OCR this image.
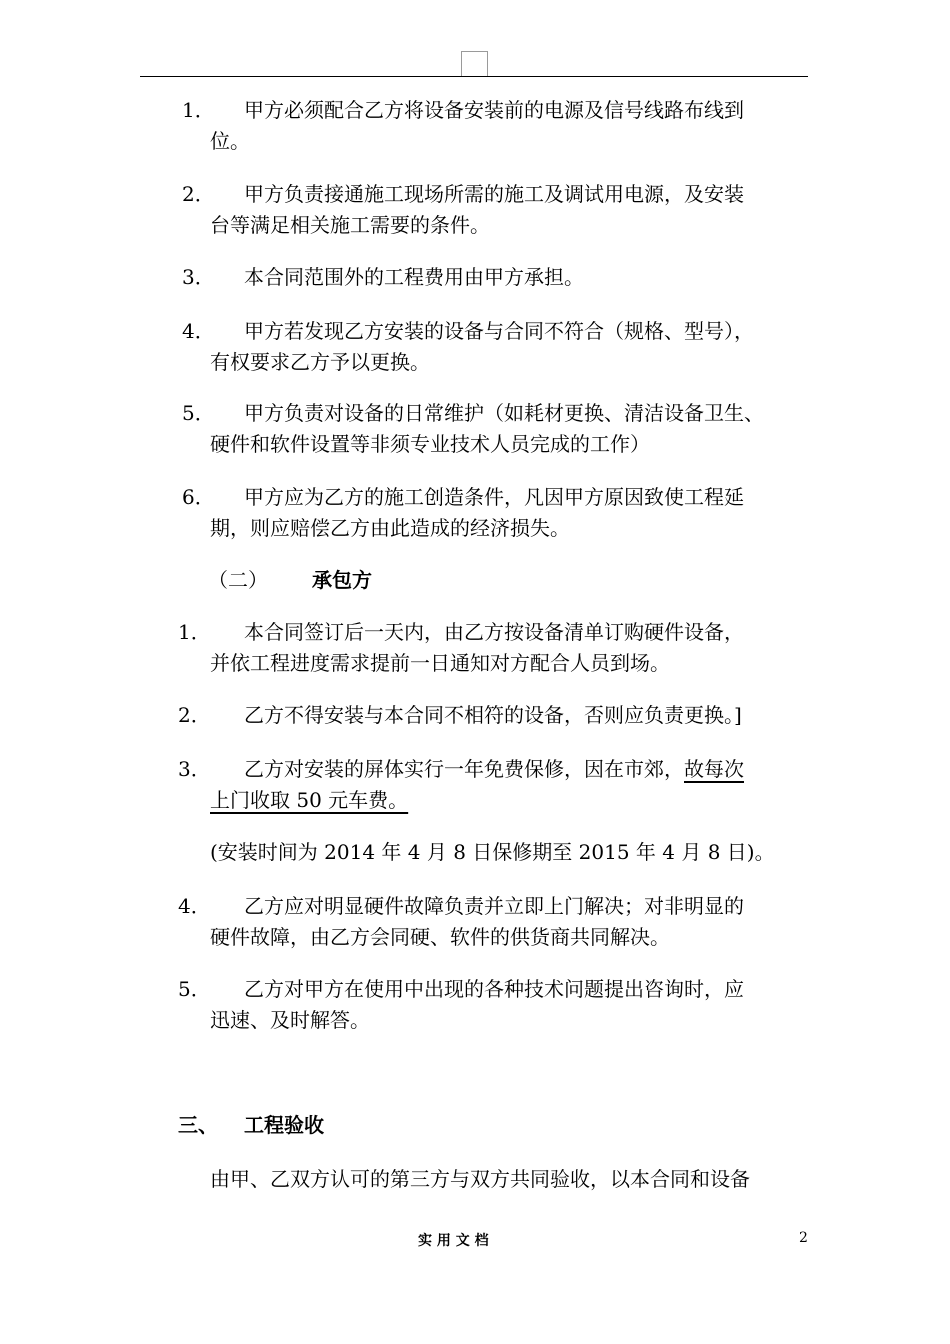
1．	甲方必须配合乙方将设备安装前的电源及信号线路布线到
位。
2．	甲方负责接通施工现场所需的施工及调试用电源，及安装
台等满足相关施工需要的条件。
3．	本合同范围外的工程费用由甲方承担。
4．	甲方若发现乙方安装的设备与合同不符合（规格、型号），
有权要求乙方予以更换。
5．	甲方负责对设备的日常维护（如耗材更换、清洁设备卫生、
硬件和软件设置等非须专业技术人员完成的工作）
6．	甲方应为乙方的施工创造条件，凡因甲方原因致使工程延
期，则应赔偿乙方由此造成的经济损失。
（二） 承包方
1．	本合同签订后一天内，由乙方按设备清单订购硬件设备，
并依工程进度需求提前一日通知对方配合人员到场。
2．	乙方不得安装与本合同不相符的设备，否则应负责更换。]
3．	乙方对安装的屏体实行一年免费保修，因在市郊，故每次
上门收取 50 元车费。
(安装时间为 2014 年 4 月 8 日保修期至 2015 年 4 月 8 日)。
4．	乙方应对明显硬件故障负责并立即上门解决；对非明显的
硬件故障，由乙方会同硬、软件的供货商共同解决。
5．	乙方对甲方在使用中出现的各种技术问题提出咨询时，应
迅速、及时解答。
三、 工程验收
由甲、乙双方认可的第三方与双方共同验收，以本合同和设备
实 用 文 档	2
